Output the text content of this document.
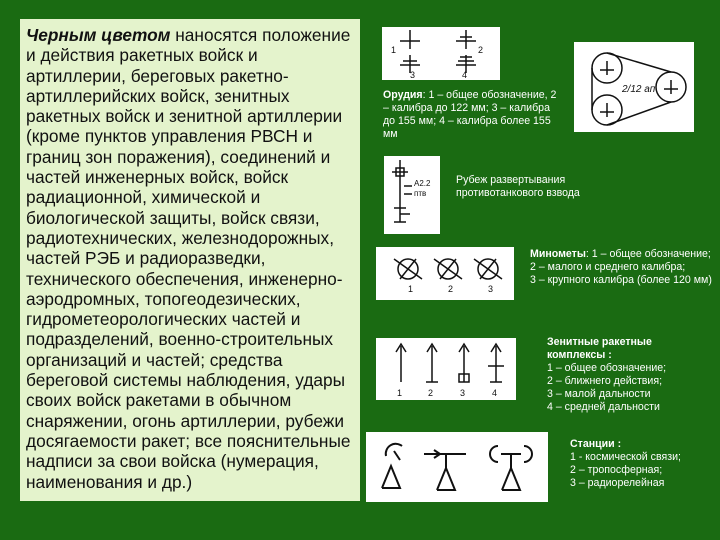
Черным цветом наносятся положение и действия ракетных войск и артиллерии, береговых ракетно-артиллерийских войск, зенитных ракетных войск и зенитной артиллерии (кроме пунктов управления РВСН и границ зон поражения), соединений и частей инженерных войск, войск радиационной, химической и биологической защиты, войск связи, радиотехнических, железнодорожных, частей РЭБ и радиоразведки, технического обеспечения, инженерно-аэродромных, топогеодезических, гидрометеорологических частей и подразделений, военно-строительных организаций и частей; средства береговой системы наблюдения, удары своих войск ракетами в обычном снаряжении, огонь артиллерии, рубежи досягаемости ракет; все пояснительные надписи за свои войска (нумерация, наименования и др.)
1	2
3	4
2/12 ап
Орудия: 1 – общее обозначение, 2 – калибра до 122 мм; 3 – калибра до 155 мм; 4 – калибра более 155 мм
А2.2
птв
Рубеж развертывания противотанкового взвода
1	2	3
Минометы: 1 – общее обозначение;
2 – малого и среднего калибра;
3 – крупного калибра (более 120 мм)
1	2	3	4
Зенитные ракетные комплексы :
1 – общее обозначение;
2 – ближнего действия;
3 – малой дальности
4 – средней дальности
Станции :
1 - космической связи;
2 – тропосферная;
3 – радиорелейная
